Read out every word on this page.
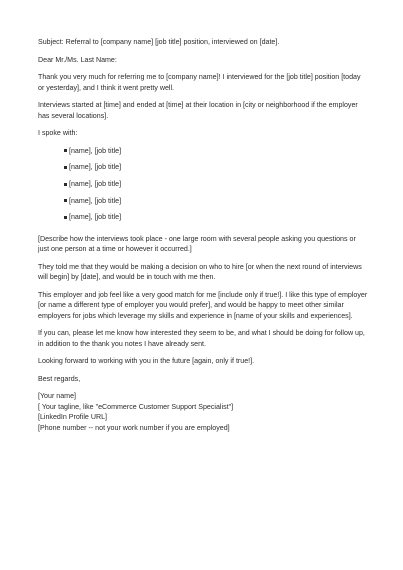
Subject: Referral to [company name] [job title] position, interviewed on [date].

Dear Mr./Ms. Last Name:

Thank you very much for referring me to [company name]! I interviewed for the [job title] position [today or yesterday], and I think it went pretty well.

Interviews started at [time] and ended at [time] at their location in [city or neighborhood if the employer has several locations].

I spoke with:

[name], [job title]
[name], [job title]
[name], [job title]
[name], [job title]
[name], [job title]

[Describe how the interviews took place - one large room with several people asking you questions or just one person at a time or however it occurred.]

They told me that they would be making a decision on who to hire [or when the next round of interviews will begin] by [date], and would be in touch with me then.

This employer and job feel like a very good match for me [include only if true!]. I like this type of employer [or name a different type of employer you would prefer], and would be happy to meet other similar employers for jobs which leverage my skills and experience in [name of your skills and experiences].

If you can, please let me know how interested they seem to be, and what I should be doing for follow up, in addition to the thank you notes I have already sent.

Looking forward to working with you in the future [again, only if true!].

Best regards,

[Your name]
[ Your tagline, like "eCommerce Customer Support Specialist"]
[LinkedIn Profile URL]
[Phone number -- not your work number if you are employed]
